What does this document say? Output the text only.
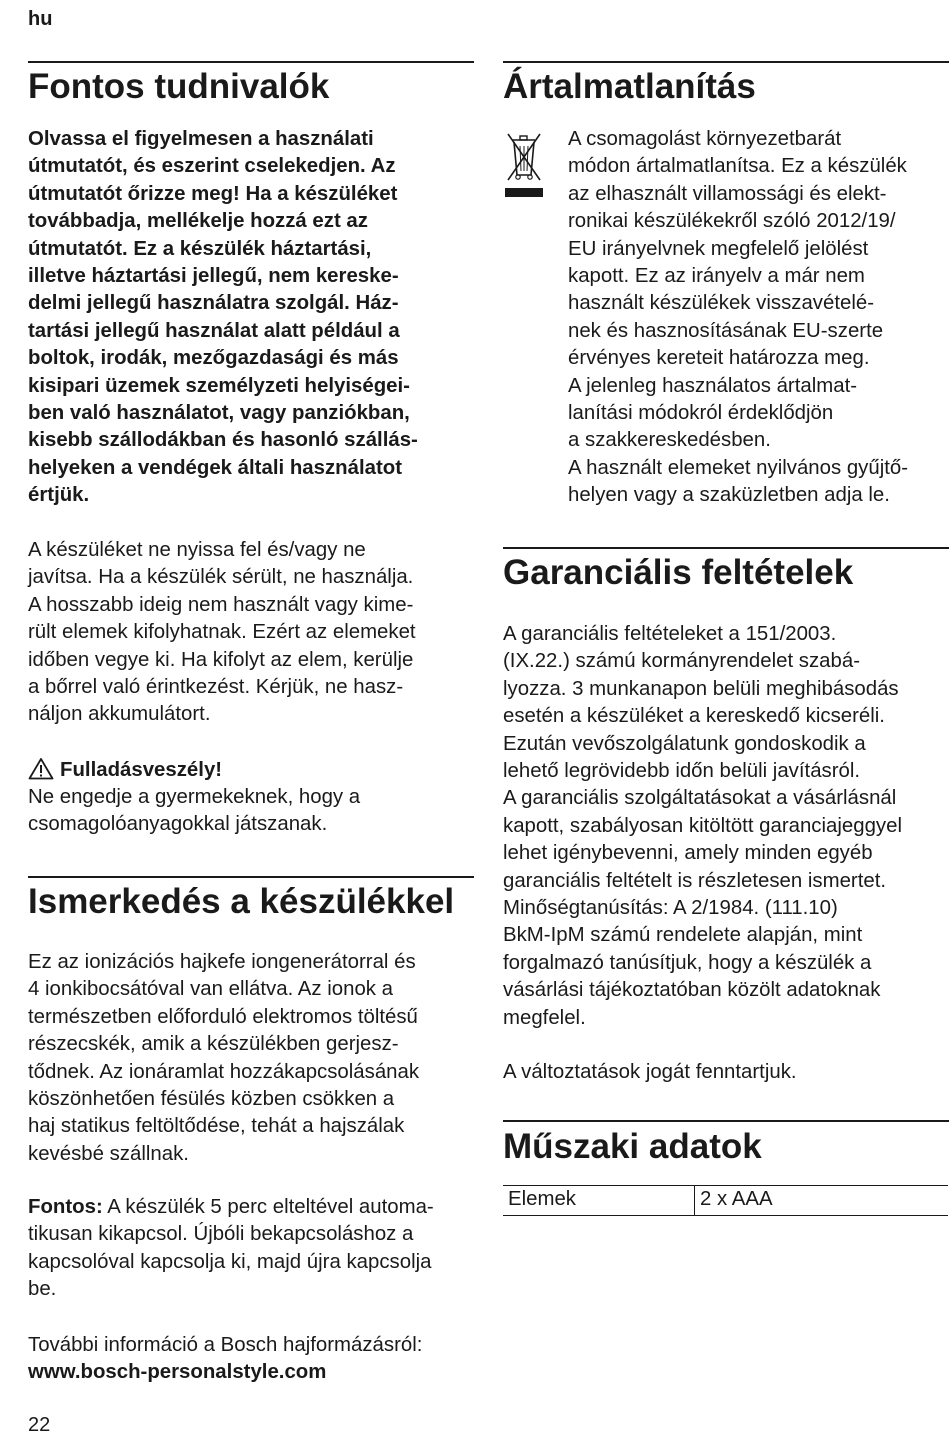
hu
Fontos tudnivalók
Olvassa el figyelmesen a használati
útmutatót, és eszerint cselekedjen. Az
útmutatót őrizze meg! Ha a készüléket
továbbadja, mellékelje hozzá ezt az
útmutatót. Ez a készülék háztartási,
illetve háztartási jellegű, nem kereske-
delmi jellegű használatra szolgál. Ház-
tartási jellegű használat alatt például a
boltok, irodák, mezőgazdasági és más
kisipari üzemek személyzeti helyiségei-
ben való használatot, vagy panziókban,
kisebb szállodákban és hasonló szállás-
helyeken a vendégek általi használatot
értjük.
A készüléket ne nyissa fel és/vagy ne
javítsa. Ha a készülék sérült, ne használja.
A hosszabb ideig nem használt vagy kime-
rült elemek kifolyhatnak. Ezért az elemeket
időben vegye ki. Ha kifolyt az elem, kerülje
a bőrrel való érintkezést. Kérjük, ne hasz-
náljon akkumulátort.
Fulladásveszély!
Ne engedje a gyermekeknek, hogy a
csomagolóanyagokkal játszanak.
Ismerkedés a készülékkel
Ez az ionizációs hajkefe iongenerátorral és
4 ionkibocsátóval van ellátva. Az ionok a
természetben előforduló elektromos töltésű
részecskék, amik a készülékben gerjesz-
tődnek. Az ionáramlat hozzákapcsolásának
köszönhetően fésülés közben csökken a
haj statikus feltöltődése, tehát a hajszálak
kevésbé szállnak.
Fontos: A készülék 5 perc elteltével automa-
tikusan kikapcsol. Újbóli bekapcsoláshoz a
kapcsolóval kapcsolja ki, majd újra kapcsolja
be.
További információ a Bosch hajformázásról:
www.bosch-personalstyle.com
Ártalmatlanítás
A csomagolást környezetbarát
módon ártalmatlanítsa. Ez a készülék
az elhasznált villamossági és elekt-
ronikai készülékekről szóló 2012/19/
EU irányelvnek megfelelő jelölést
kapott. Ez az irányelv a már nem
használt készülékek visszavételé-
nek és hasznosításának EU-szerte
érvényes kereteit határozza meg.
A jelenleg használatos ártalmat-
lanítási módokról érdeklődjön
a szakkereskedésben.
A használt elemeket nyilvános gyűjtő-
helyen vagy a szaküzletben adja le.
Garanciális feltételek
A garanciális feltételeket a 151/2003.
(IX.22.) számú kormányrendelet szabá-
lyozza. 3 munkanapon belüli meghibásodás
esetén a készüléket a kereskedő kicseréli.
Ezután vevőszolgálatunk gondoskodik a
lehető legrövidebb időn belüli javításról.
A garanciális szolgáltatásokat a vásárlásnál
kapott, szabályosan kitöltött garanciajeggyel
lehet igénybevenni, amely minden egyéb
garanciális feltételt is részletesen ismertet.
Minőségtanúsítás: A 2/1984. (111.10)
BkM-IpM számú rendelete alapján, mint
forgalmazó tanúsítjuk, hogy a készülék a
vásárlási tájékoztatóban közölt adatoknak
megfelel.
A változtatások jogát fenntartjuk.
Műszaki adatok
Elemek	2 x AAA
22
